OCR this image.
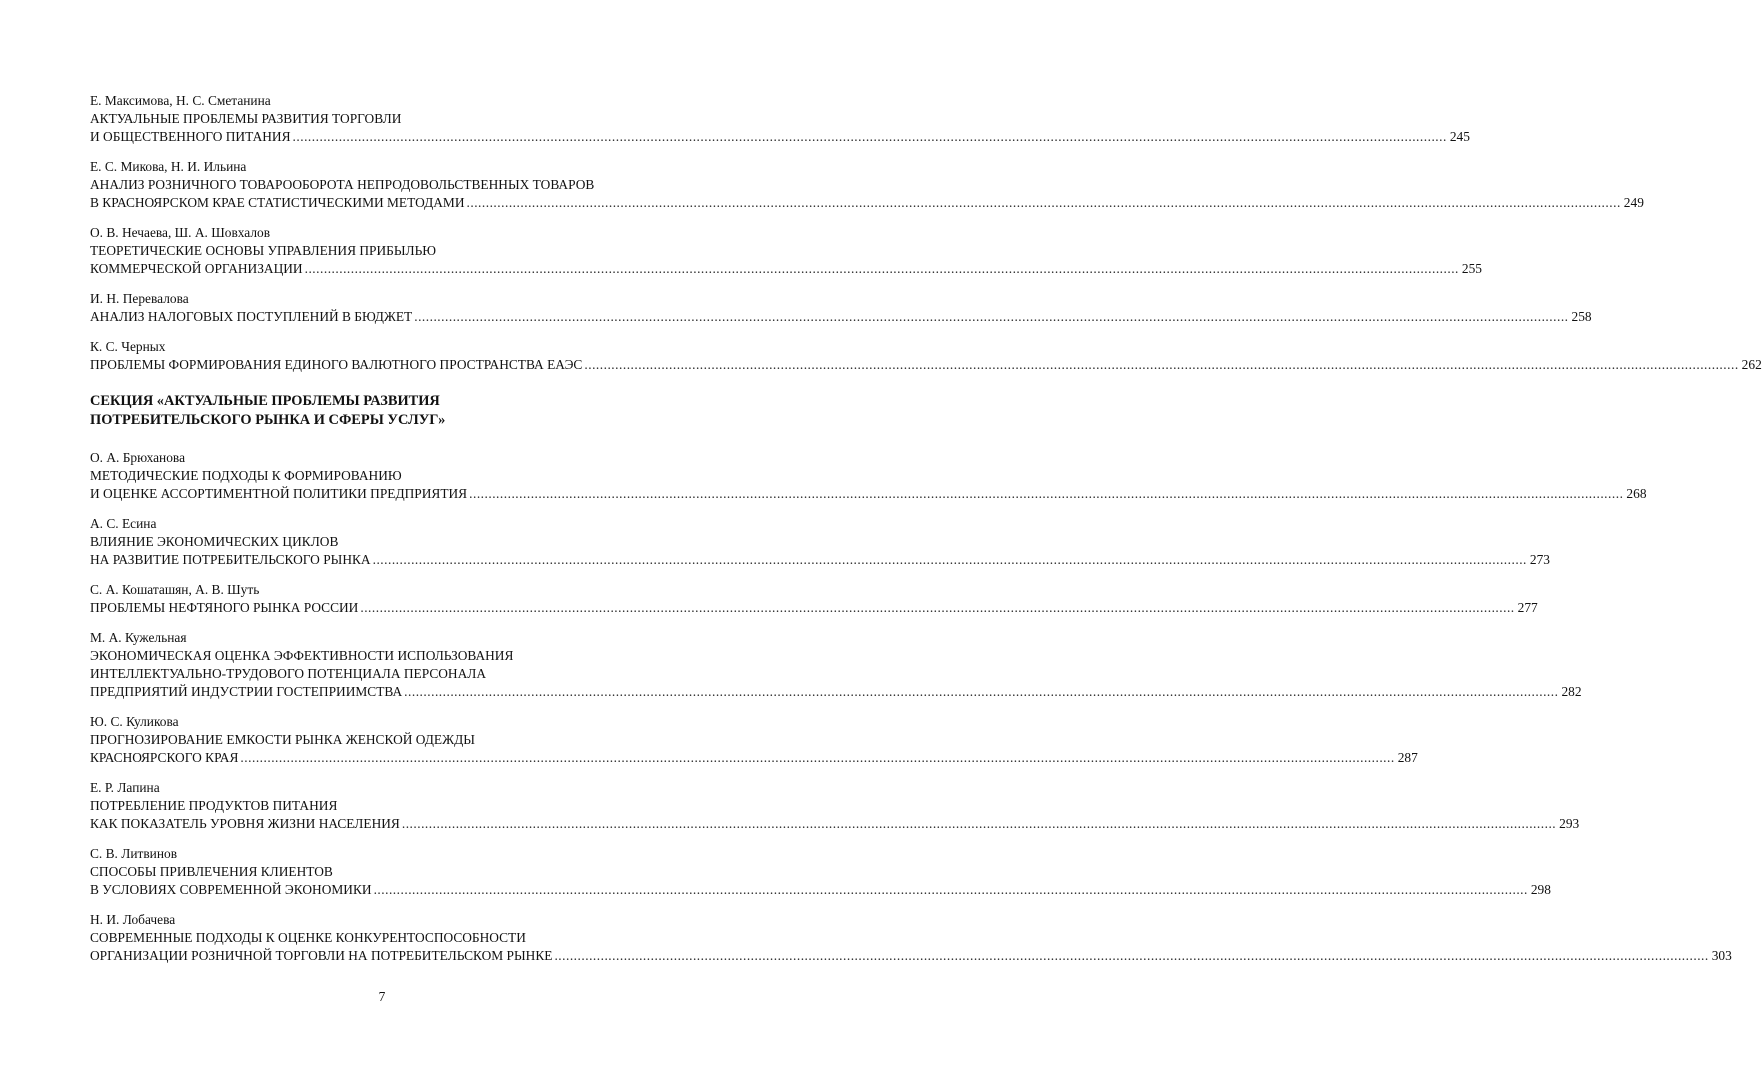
Е. Максимова, Н. С. Сметанина
АКТУАЛЬНЫЕ ПРОБЛЕМЫ РАЗВИТИЯ ТОРГОВЛИ
И ОБЩЕСТВЕННОГО ПИТАНИЯ ............................................................................................................................................................................................................................................................................................................ 245
Е. С. Микова, Н. И. Ильина
АНАЛИЗ РОЗНИЧНОГО ТОВАРООБОРОТА НЕПРОДОВОЛЬСТВЕННЫХ ТОВАРОВ
В КРАСНОЯРСКОМ КРАЕ СТАТИСТИЧЕСКИМИ МЕТОДАМИ ............................................................................................................................................................................................................................................................................................................ 249
О. В. Нечаева, Ш. А. Шовхалов
ТЕОРЕТИЧЕСКИЕ ОСНОВЫ УПРАВЛЕНИЯ ПРИБЫЛЬЮ
КОММЕРЧЕСКОЙ ОРГАНИЗАЦИИ ............................................................................................................................................................................................................................................................................................................ 255
И. Н. Перевалова
АНАЛИЗ НАЛОГОВЫХ ПОСТУПЛЕНИЙ В БЮДЖЕТ ............................................................................................................................................................................................................................................................................................................ 258
К. С. Черных
ПРОБЛЕМЫ ФОРМИРОВАНИЯ ЕДИНОГО ВАЛЮТНОГО ПРОСТРАНСТВА ЕАЭС ............................................................................................................................................................................................................................................................................................................ 262
СЕКЦИЯ «АКТУАЛЬНЫЕ ПРОБЛЕМЫ РАЗВИТИЯ
ПОТРЕБИТЕЛЬСКОГО РЫНКА И СФЕРЫ УСЛУГ»
О. А. Брюханова
МЕТОДИЧЕСКИЕ ПОДХОДЫ К ФОРМИРОВАНИЮ
И ОЦЕНКЕ АССОРТИМЕНТНОЙ ПОЛИТИКИ ПРЕДПРИЯТИЯ ............................................................................................................................................................................................................................................................................................................ 268
А. С. Есина
ВЛИЯНИЕ ЭКОНОМИЧЕСКИХ ЦИКЛОВ
НА РАЗВИТИЕ ПОТРЕБИТЕЛЬСКОГО РЫНКА ............................................................................................................................................................................................................................................................................................................ 273
С. А. Кошаташян, А. В. Шуть
ПРОБЛЕМЫ НЕФТЯНОГО РЫНКА РОССИИ ............................................................................................................................................................................................................................................................................................................ 277
М. А. Кужельная
ЭКОНОМИЧЕСКАЯ ОЦЕНКА ЭФФЕКТИВНОСТИ ИСПОЛЬЗОВАНИЯ
ИНТЕЛЛЕКТУАЛЬНО-ТРУДОВОГО ПОТЕНЦИАЛА ПЕРСОНАЛА
ПРЕДПРИЯТИЙ ИНДУСТРИИ ГОСТЕПРИИМСТВА ............................................................................................................................................................................................................................................................................................................ 282
Ю. С. Куликова
ПРОГНОЗИРОВАНИЕ ЕМКОСТИ РЫНКА ЖЕНСКОЙ ОДЕЖДЫ
КРАСНОЯРСКОГО КРАЯ ............................................................................................................................................................................................................................................................................................................ 287
Е. Р. Лапина
ПОТРЕБЛЕНИЕ ПРОДУКТОВ ПИТАНИЯ
КАК ПОКАЗАТЕЛЬ УРОВНЯ ЖИЗНИ НАСЕЛЕНИЯ ............................................................................................................................................................................................................................................................................................................ 293
С. В. Литвинов
СПОСОБЫ ПРИВЛЕЧЕНИЯ КЛИЕНТОВ
В УСЛОВИЯХ СОВРЕМЕННОЙ ЭКОНОМИКИ ............................................................................................................................................................................................................................................................................................................ 298
Н. И. Лобачева
СОВРЕМЕННЫЕ ПОДХОДЫ К ОЦЕНКЕ КОНКУРЕНТОСПОСОБНОСТИ
ОРГАНИЗАЦИИ РОЗНИЧНОЙ ТОРГОВЛИ НА ПОТРЕБИТЕЛЬСКОМ РЫНКЕ ............................................................................................................................................................................................................................................................................................................ 303
7
